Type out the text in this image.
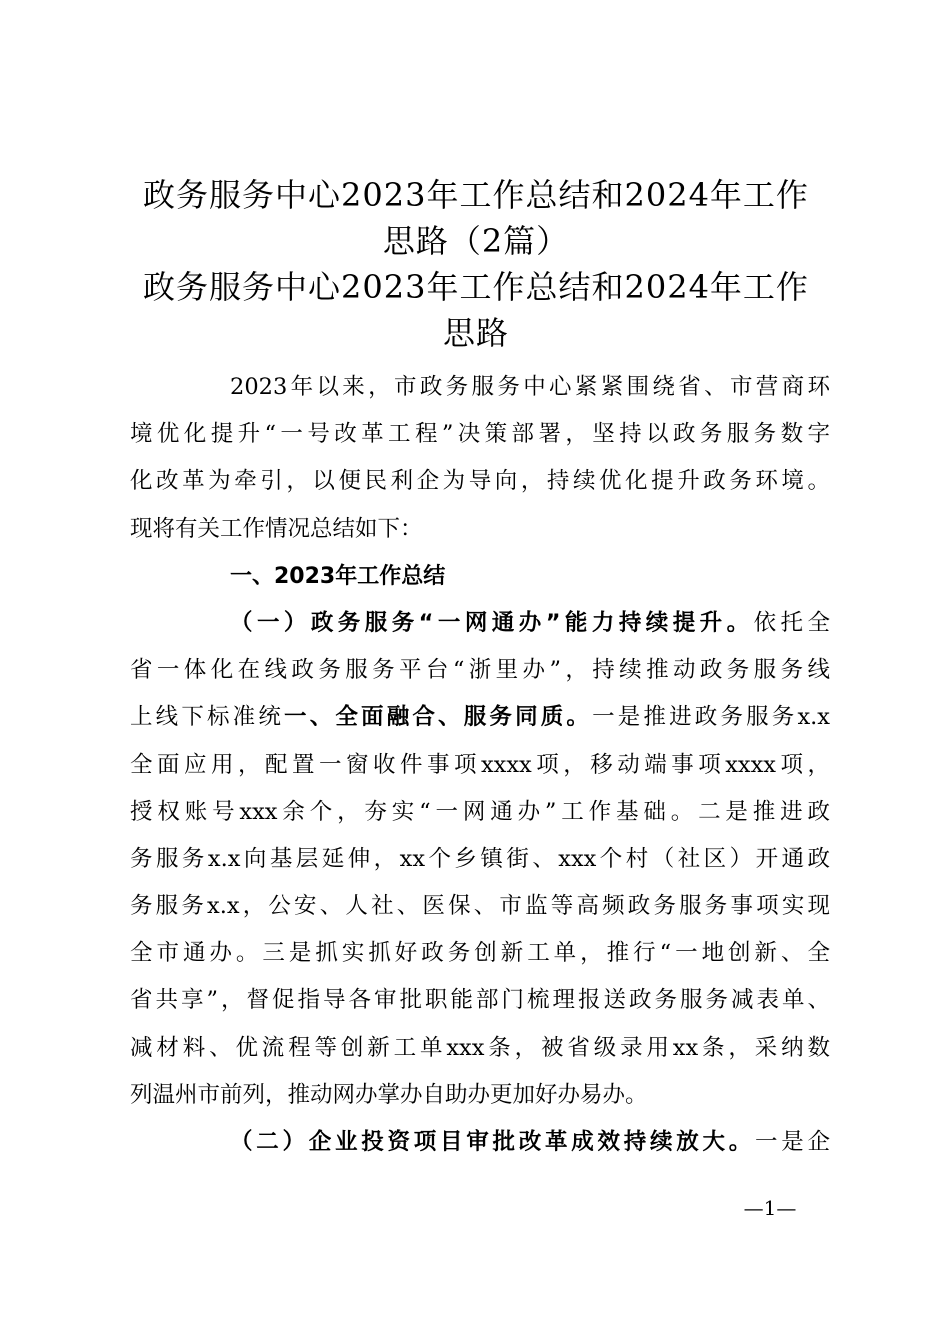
政务服务中心2023年工作总结和2024年工作
思路（2篇）
政务服务中心2023年工作总结和2024年工作
思路
2023年以来，市政务服务中心紧紧围绕省、市营商环
境优化提升“一号改革工程”决策部署，坚持以政务服务数字
化改革为牵引，以便民利企为导向，持续优化提升政务环境。
现将有关工作情况总结如下：
一、2023年工作总结
（一）政务服务“一网通办”能力持续提升。依托全
省一体化在线政务服务平台“浙里办”，持续推动政务服务线
上线下标准统一、全面融合、服务同质。一是推进政务服务x.x
全面应用，配置一窗收件事项xxxx项，移动端事项xxxx项，
授权账号xxx余个，夯实“一网通办”工作基础。二是推进政
务服务x.x向基层延伸，xx个乡镇街、xxx个村（社区）开通政
务服务x.x，公安、人社、医保、市监等高频政务服务事项实现
全市通办。三是抓实抓好政务创新工单，推行“一地创新、全
省共享”，督促指导各审批职能部门梳理报送政务服务减表单、
减材料、优流程等创新工单xxx条，被省级录用xx条，采纳数
列温州市前列，推动网办掌办自助办更加好办易办。
（二）企业投资项目审批改革成效持续放大。一是企
—1—
